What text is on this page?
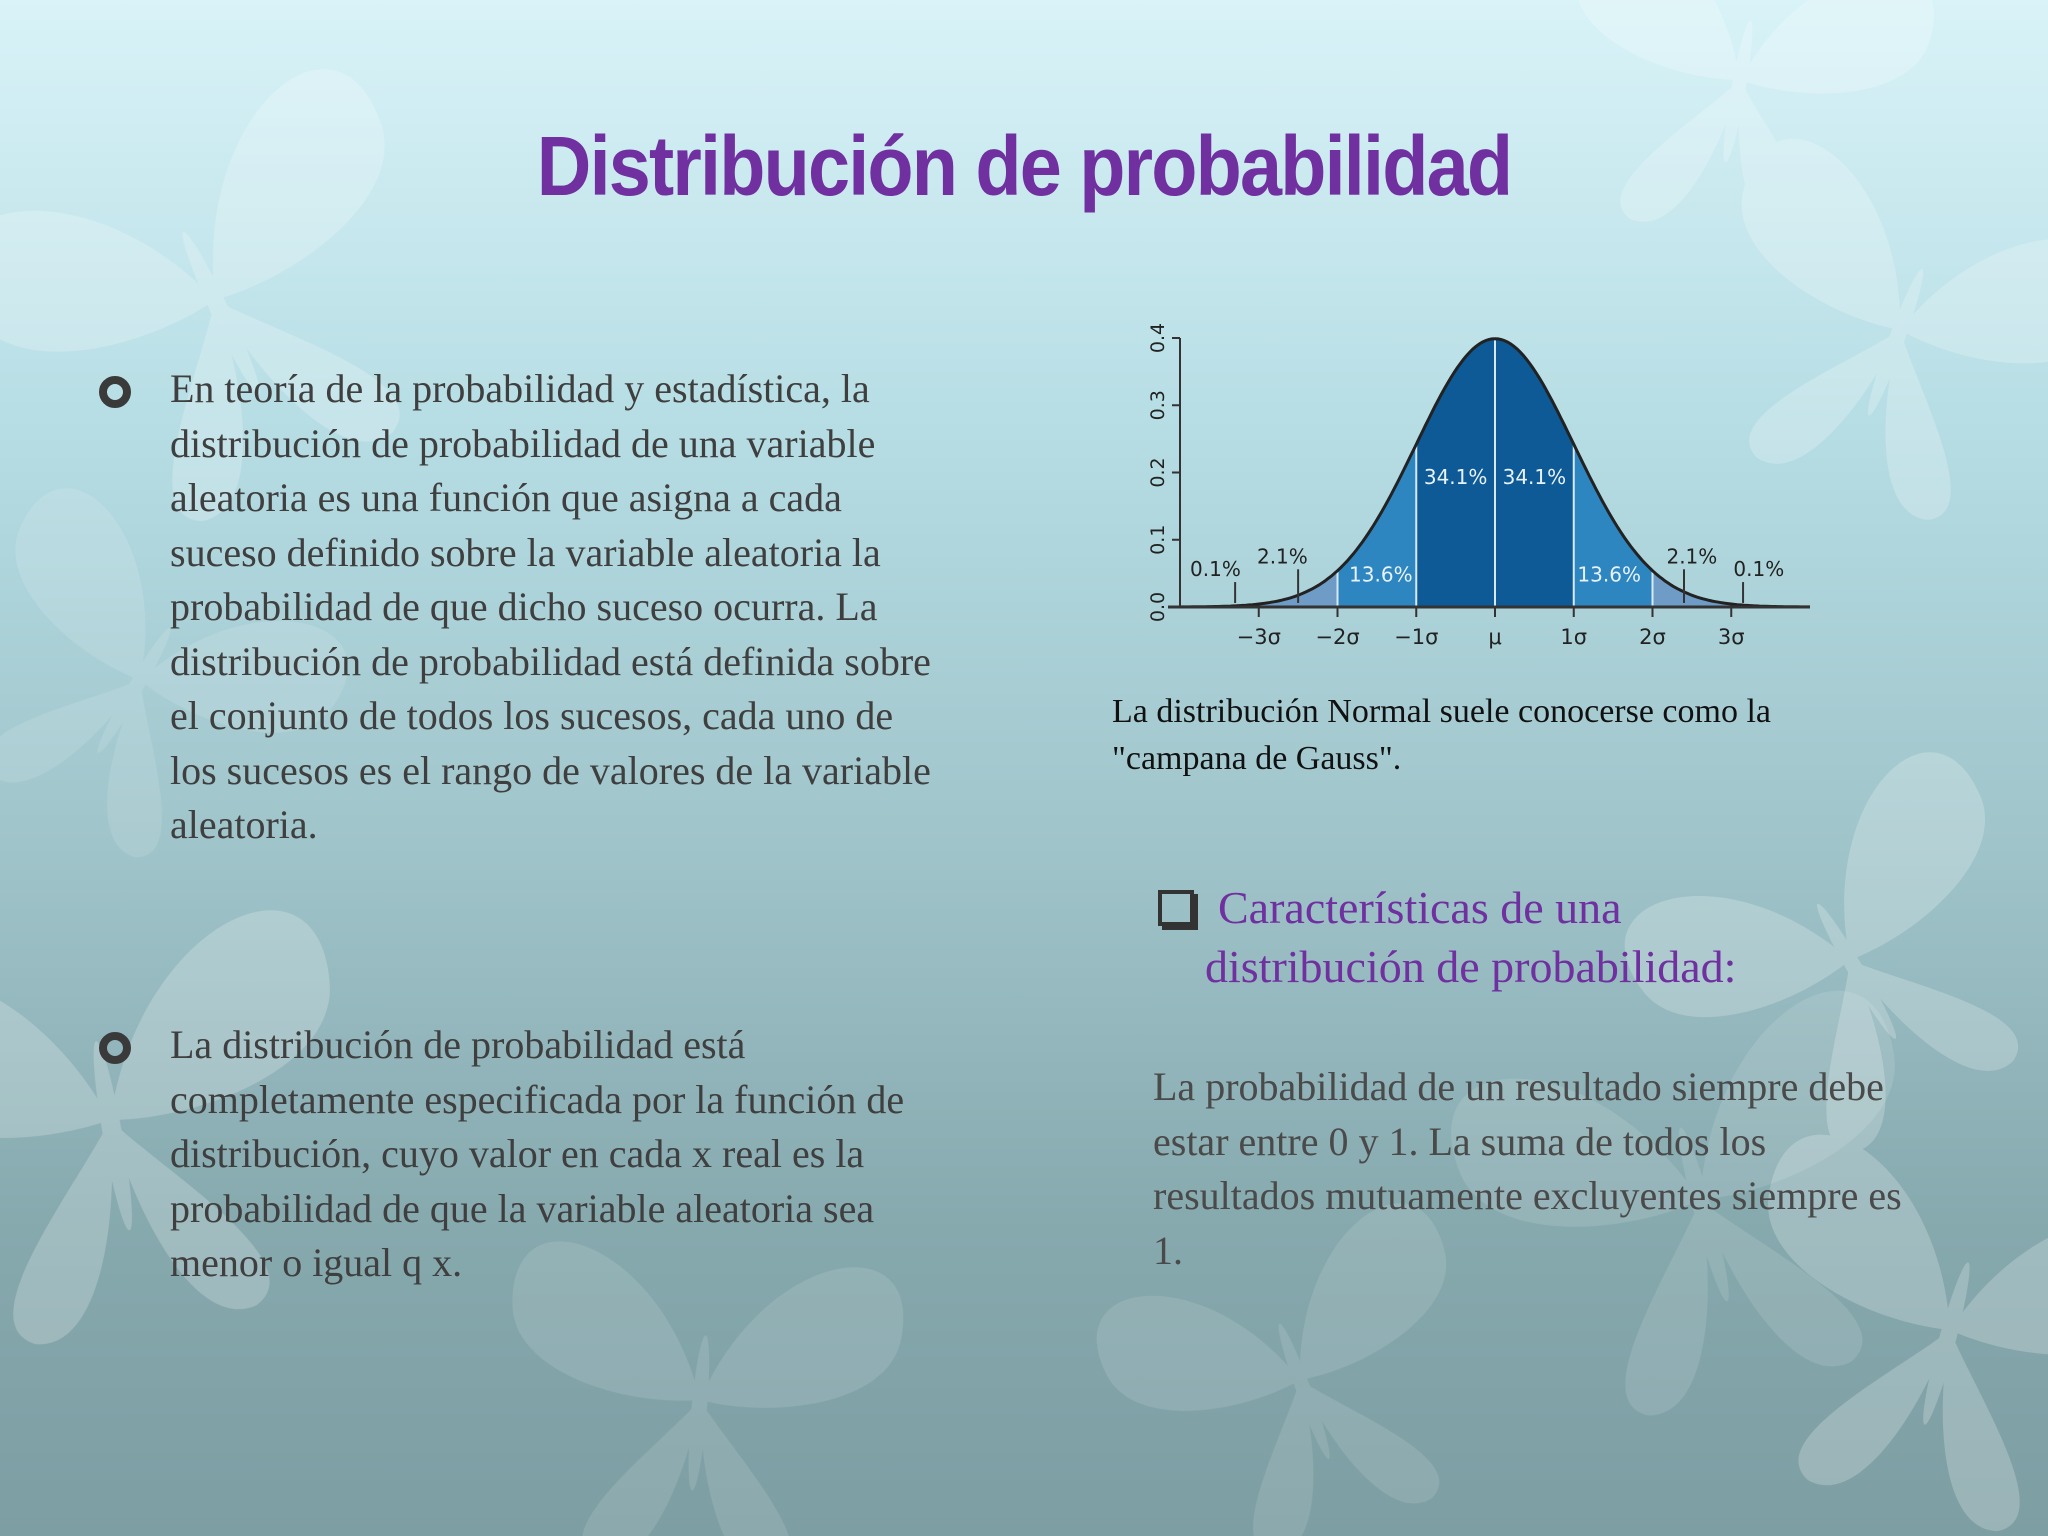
Distribución de probabilidad

En teoría de la probabilidad y estadística, la distribución de probabilidad de una variable aleatoria es una función que asigna a cada suceso definido sobre la variable aleatoria la probabilidad de que dicho suceso ocurra. La distribución de probabilidad está definida sobre el conjunto de todos los sucesos, cada uno de los sucesos es el rango de valores de la variable aleatoria.

La distribución de probabilidad está completamente especificada por la función de distribución, cuyo valor en cada x real es la probabilidad de que la variable aleatoria sea menor o igual q x.

0.0
0.1
0.2
0.3
0.4
−3σ −2σ −1σ μ	1σ 2σ 3σ
0.1%
2.1%
13.6%
34.1% 34.1%
13.6%
2.1%
0.1%
La distribución Normal suele conocerse como la "campana de Gauss".
Características de una
distribución de probabilidad:
La probabilidad de un resultado siempre debe estar entre 0 y 1. La suma de todos los resultados mutuamente excluyentes siempre es 1.
